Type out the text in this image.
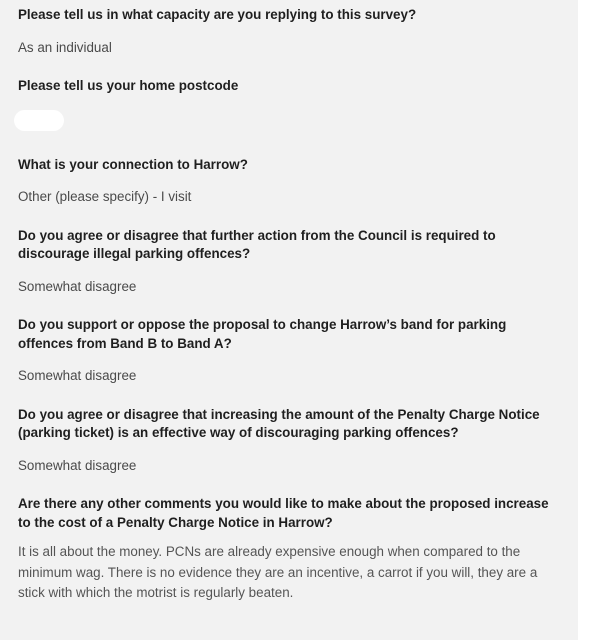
Please tell us in what capacity are you replying to this survey?

As an individual

Please tell us your home postcode

What is your connection to Harrow?

Other (please specify) - I visit

Do you agree or disagree that further action from the Council is required to discourage illegal parking offences?

Somewhat disagree

Do you support or oppose the proposal to change Harrow’s band for parking offences from Band B to Band A?

Somewhat disagree

Do you agree or disagree that increasing the amount of the Penalty Charge Notice (parking ticket) is an effective way of discouraging parking offences?

Somewhat disagree

Are there any other comments you would like to make about the proposed increase to the cost of a Penalty Charge Notice in Harrow?

It is all about the money. PCNs are already expensive enough when compared to the minimum wag. There is no evidence they are an incentive, a carrot if you will, they are a stick with which the motrist is regularly beaten.
